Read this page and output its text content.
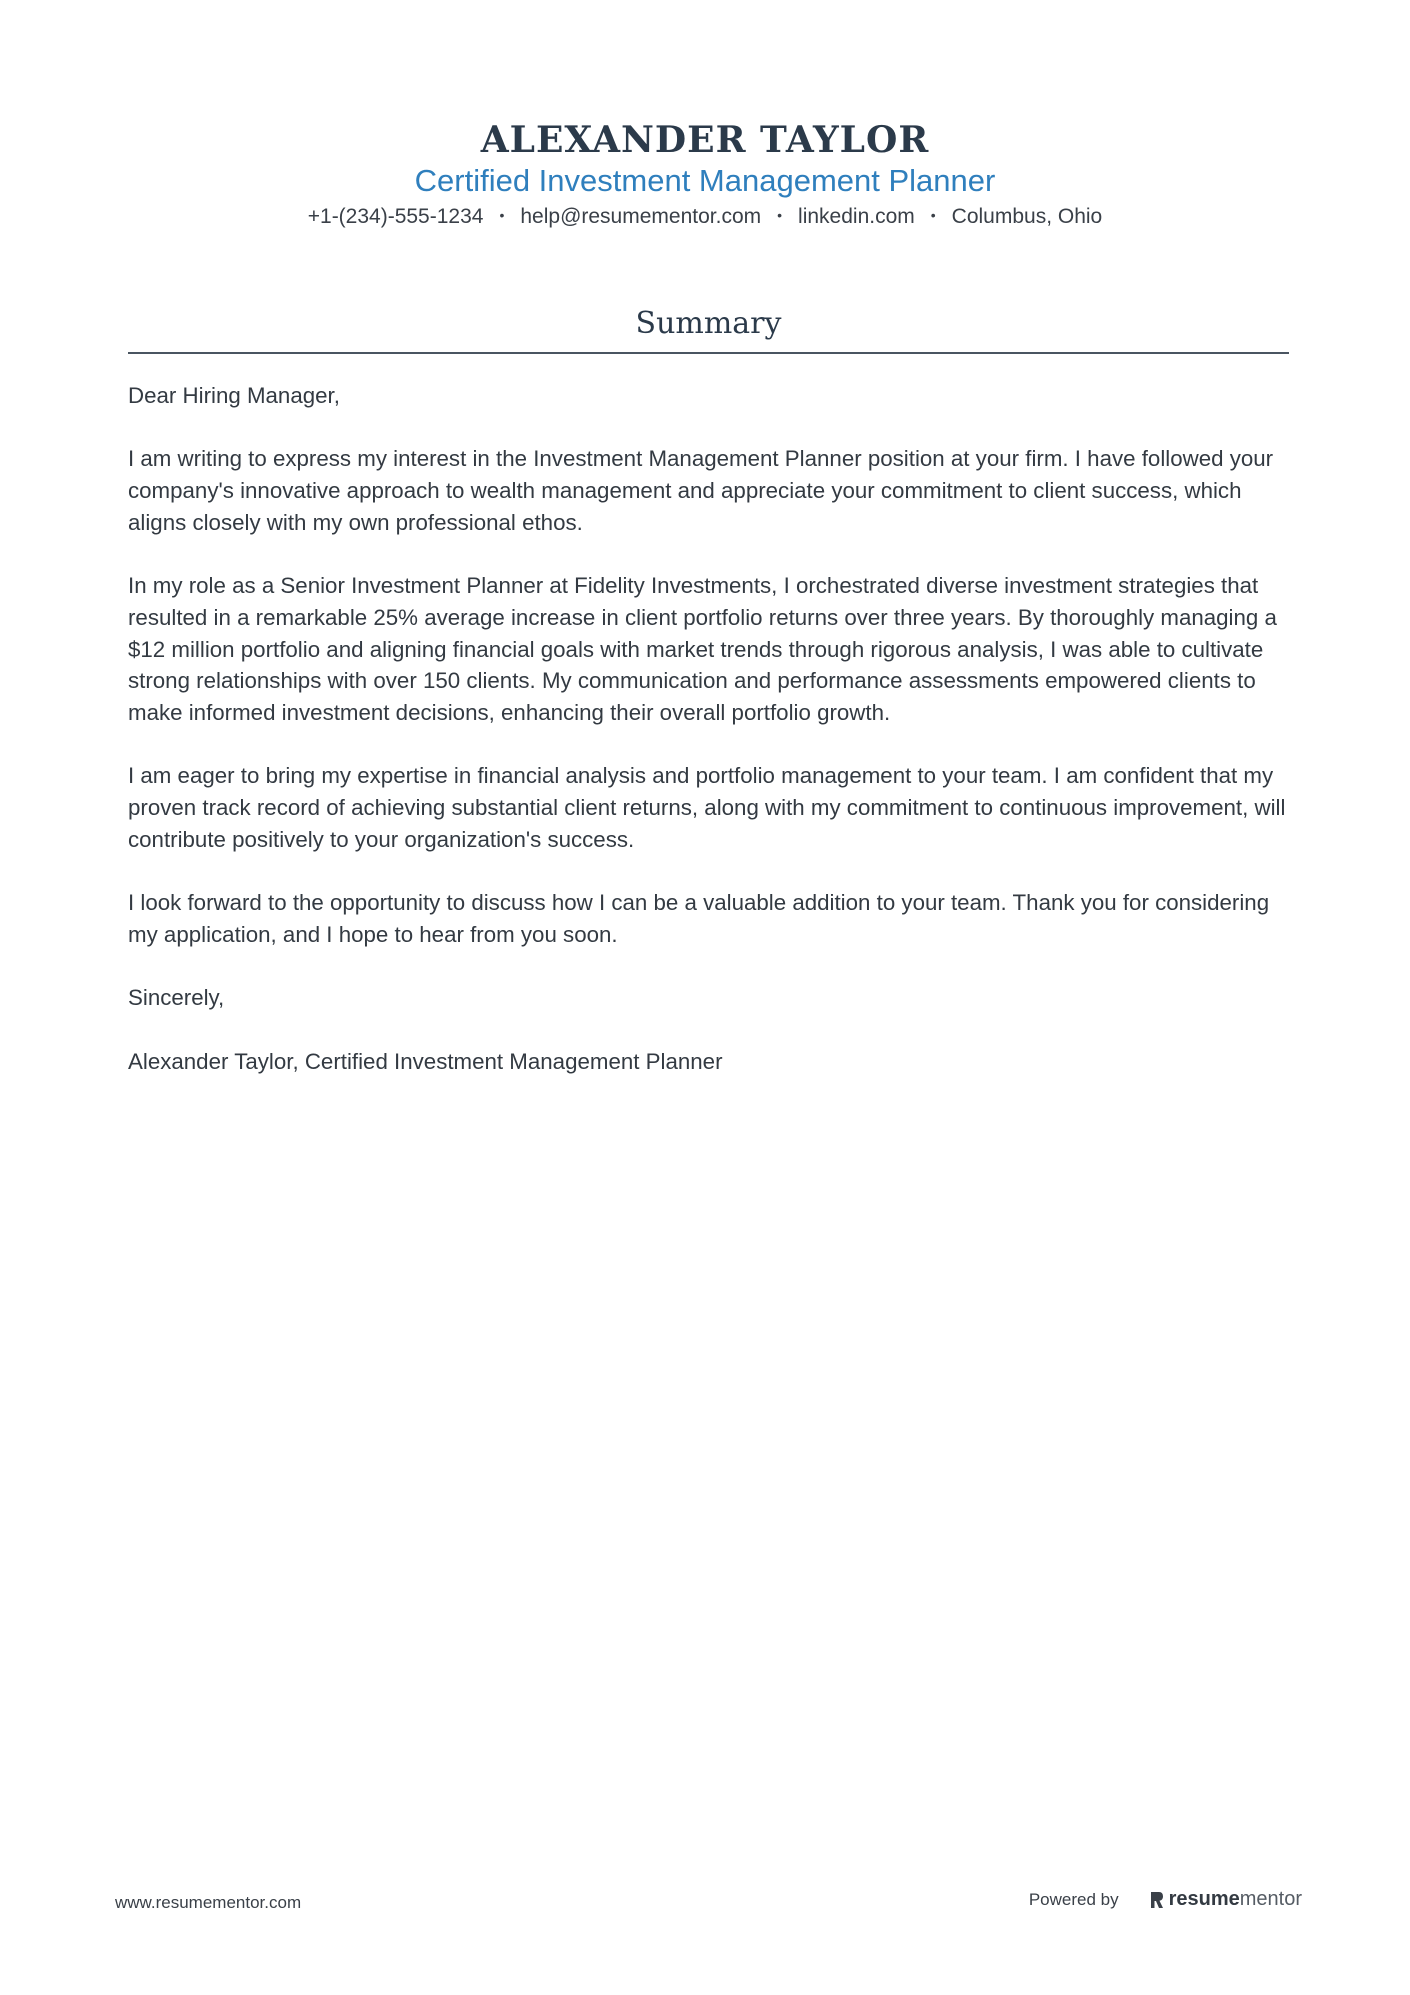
ALEXANDER TAYLOR
Certified Investment Management Planner
+1-(234)-555-1234 • help@resumementor.com • linkedin.com • Columbus, Ohio
Summary

Dear Hiring Manager,

I am writing to express my interest in the Investment Management Planner position at your firm. I have followed your company's innovative approach to wealth management and appreciate your commitment to client success, which aligns closely with my own professional ethos.

In my role as a Senior Investment Planner at Fidelity Investments, I orchestrated diverse investment strategies that resulted in a remarkable 25% average increase in client portfolio returns over three years. By thoroughly managing a $12 million portfolio and aligning financial goals with market trends through rigorous analysis, I was able to cultivate strong relationships with over 150 clients. My communication and performance assessments empowered clients to make informed investment decisions, enhancing their overall portfolio growth.

I am eager to bring my expertise in financial analysis and portfolio management to your team. I am confident that my proven track record of achieving substantial client returns, along with my commitment to continuous improvement, will contribute positively to your organization's success.

I look forward to the opportunity to discuss how I can be a valuable addition to your team. Thank you for considering my application, and I hope to hear from you soon.

Sincerely,

Alexander Taylor, Certified Investment Management Planner

www.resumementor.com	Powered by	resume mentor
